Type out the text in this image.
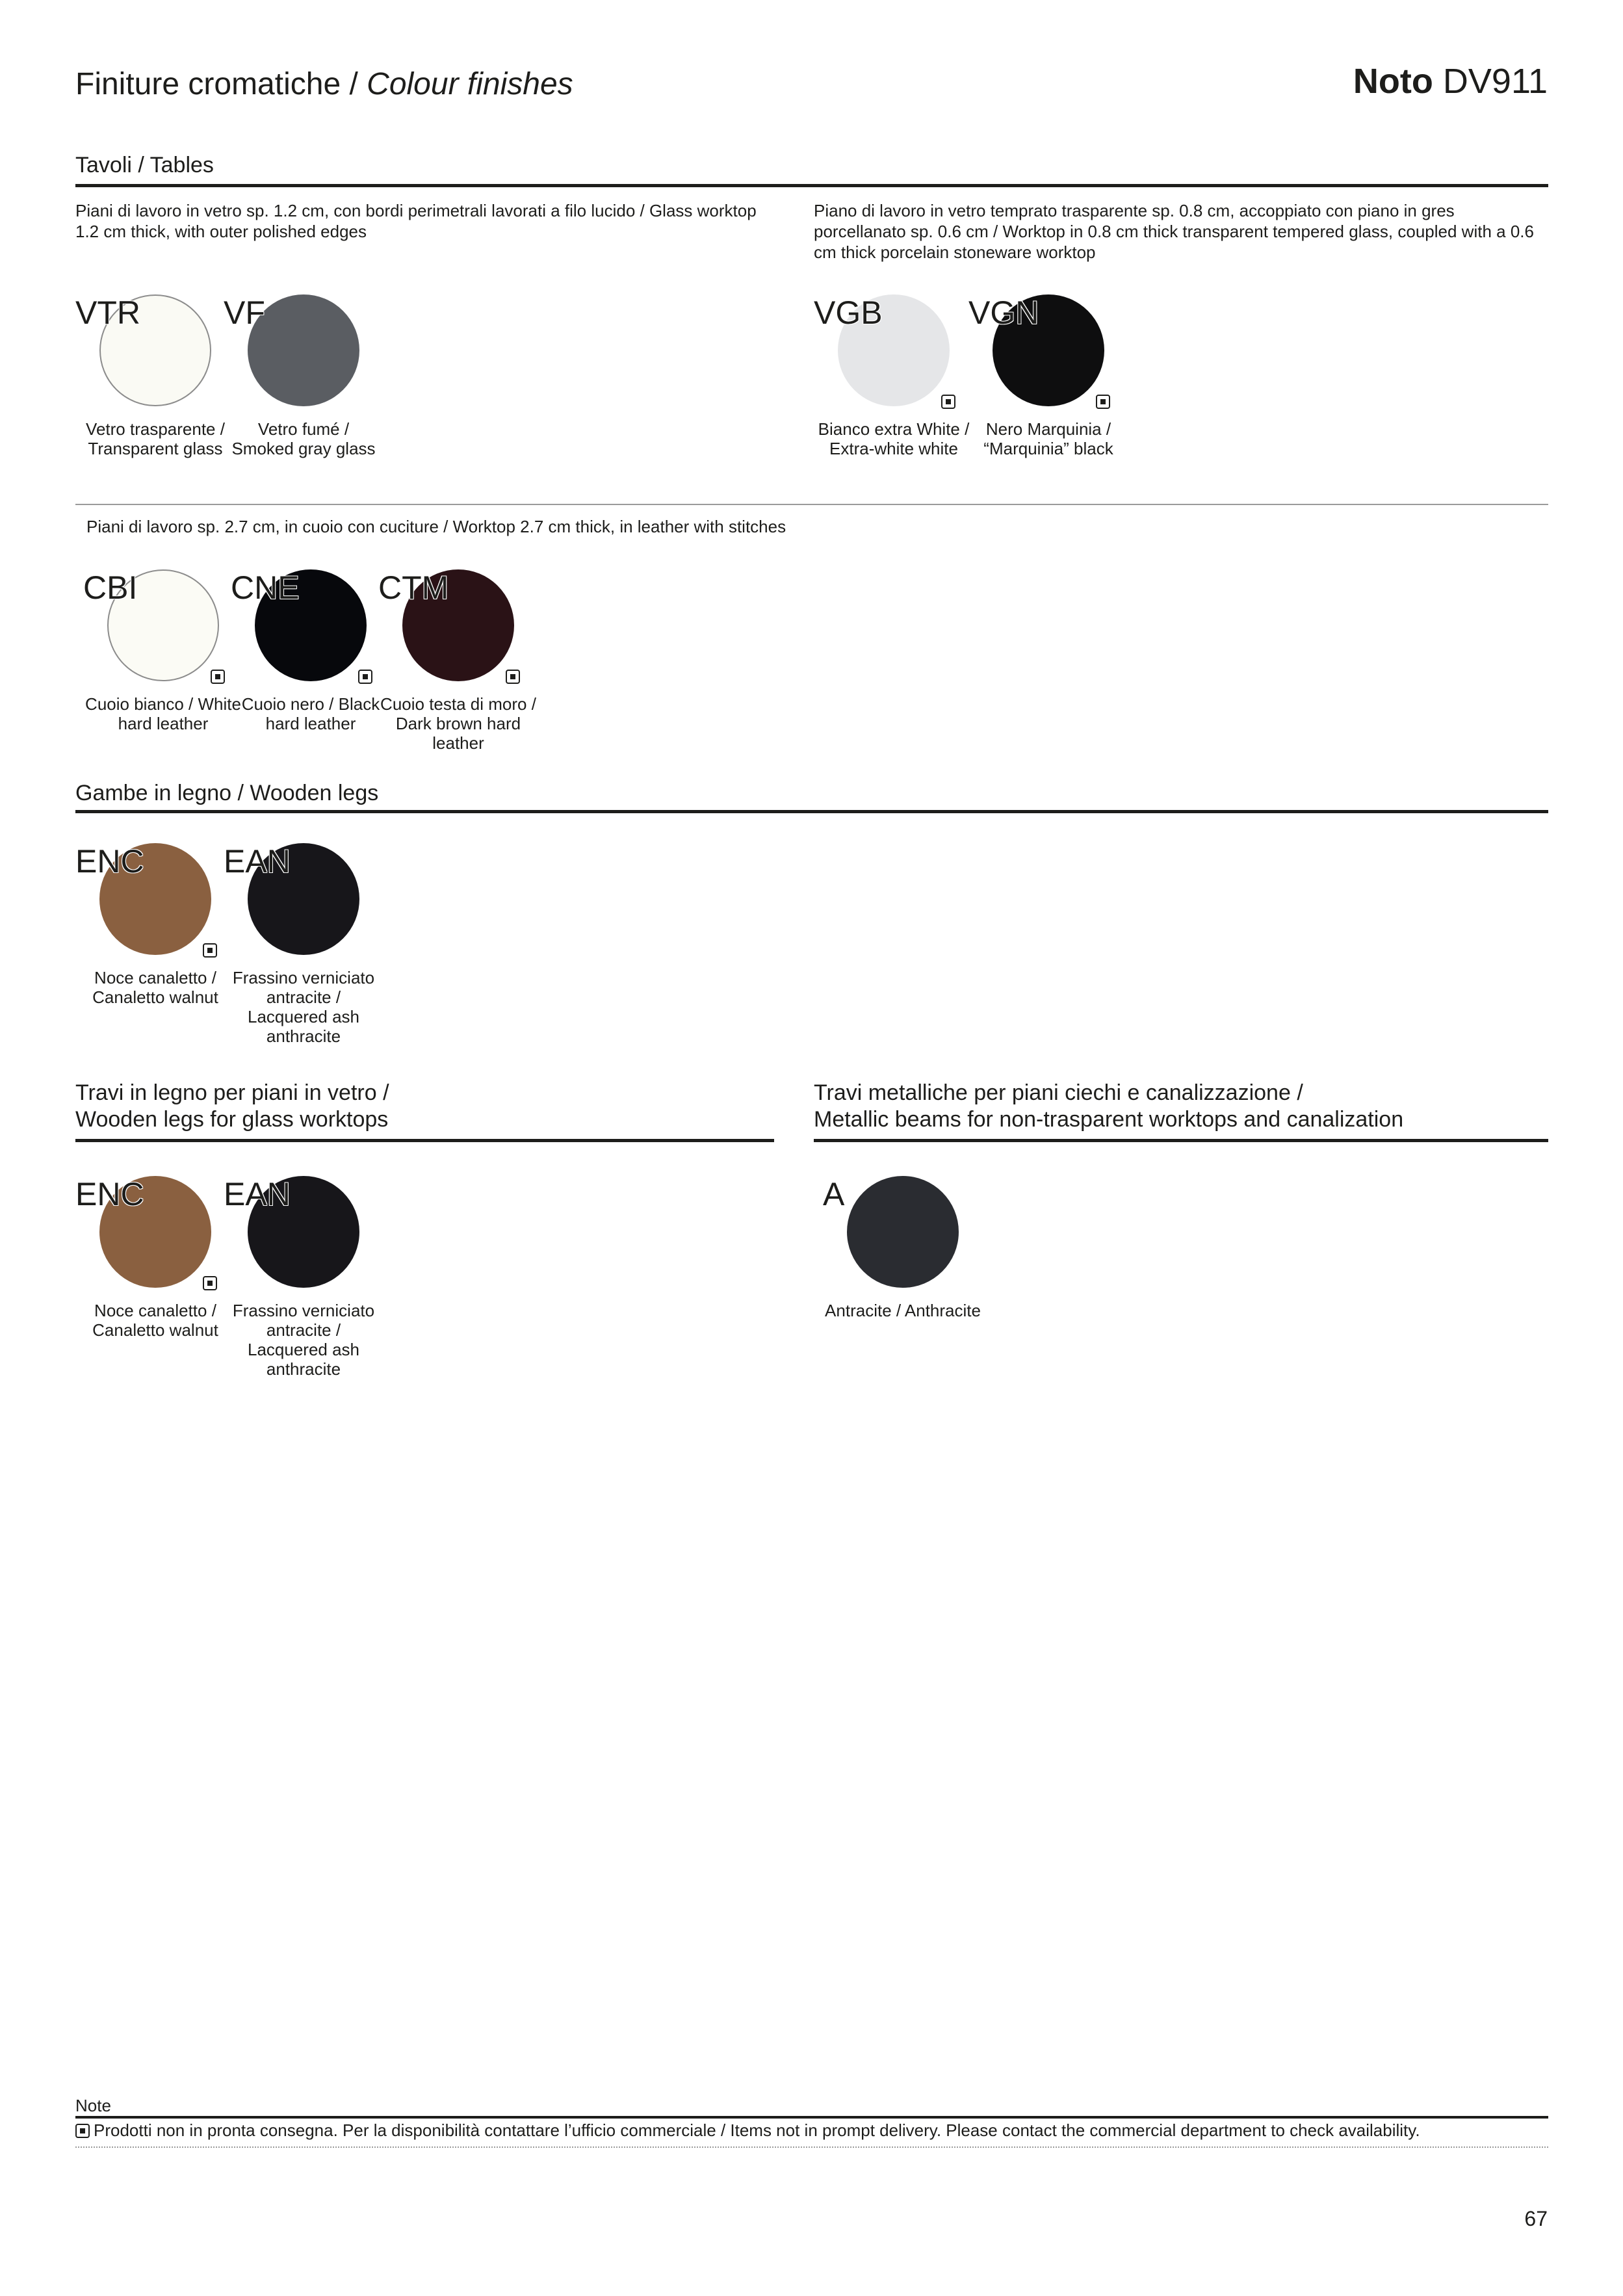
Finiture cromatiche / Colour finishes	Noto DV911
Tavoli / Tables
Piani di lavoro in vetro sp. 1.2 cm, con bordi perimetrali lavorati a filo lucido / Glass worktop 1.2 cm thick, with outer polished edges
Piano di lavoro in vetro temprato trasparente sp. 0.8 cm, accoppiato con piano in gres porcellanato sp. 0.6 cm / Worktop in 0.8 cm thick transparent tempered glass, coupled with a 0.6 cm thick porcelain stoneware worktop
VTR
Vetro trasparente / Transparent glass
VF
Vetro fumé / Smoked gray glass
VGB
Bianco extra White / Extra-white white
VGN
Nero Marquinia / “Marquinia” black
Piani di lavoro sp. 2.7 cm, in cuoio con cuciture / Worktop 2.7 cm thick, in leather with stitches
CBI
Cuoio bianco / White hard leather
CNE
Cuoio nero / Black hard leather
CTM
Cuoio testa di moro / Dark brown hard leather
Gambe in legno / Wooden legs
ENC
Noce canaletto / Canaletto walnut
EAN
Frassino verniciato antracite / Lacquered ash anthracite
Travi in legno per piani in vetro /
Wooden legs for glass worktops
Travi metalliche per piani ciechi e canalizzazione /
Metallic beams for non-trasparent worktops and canalization
ENC
Noce canaletto / Canaletto walnut
EAN
Frassino verniciato antracite / Lacquered ash anthracite
A
Antracite / Anthracite
Note
Prodotti non in pronta consegna. Per la disponibilità contattare l’ufficio commerciale / Items not in prompt delivery. Please contact the commercial department to check availability.
67
